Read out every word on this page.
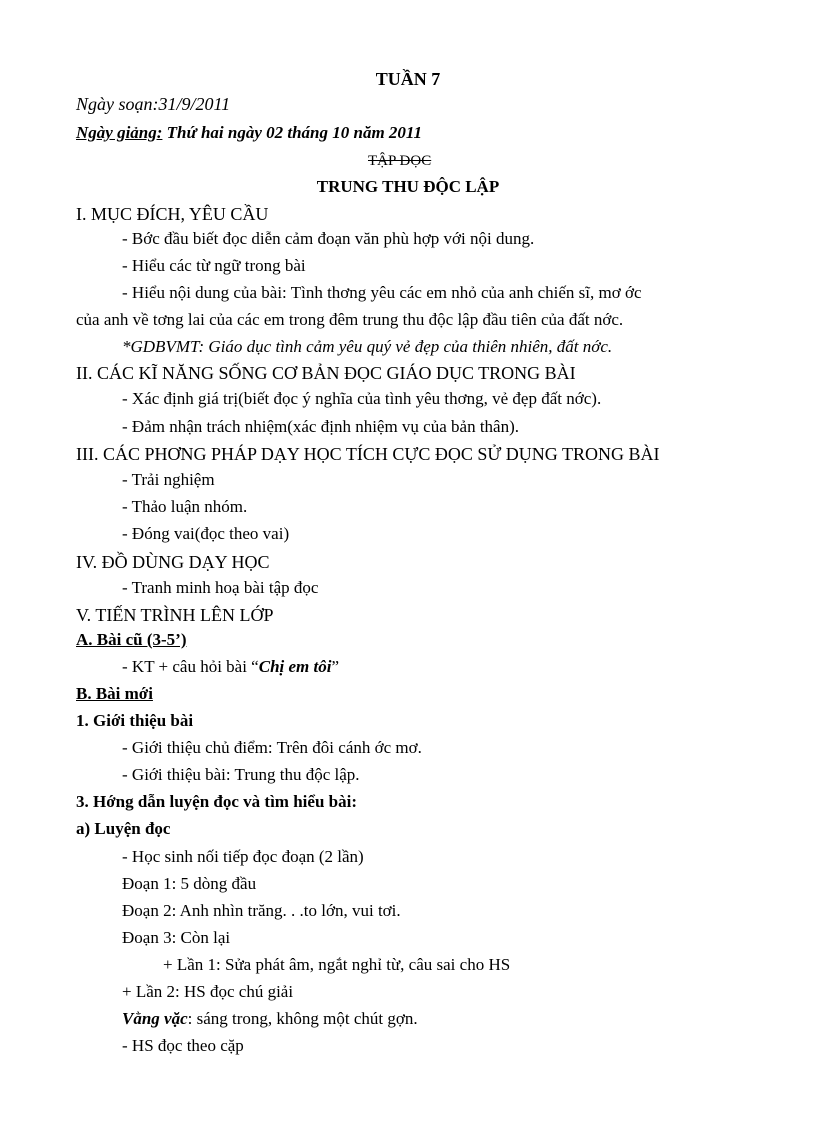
TUẦN 7
Ngày soạn:31/9/2011
Ngày giảng: Thứ hai ngày 02 tháng 10 năm 2011
TẬP ĐỌC
TRUNG THU ĐỘC LẬP
I. MỤC ĐÍCH, YÊU CẦU
- Bớc đầu biết đọc diễn cảm đoạn văn phù hợp với nội dung.
- Hiểu các từ ngữ trong bài
- Hiểu nội dung của bài: Tình thơng yêu các em nhỏ của anh chiến sĩ, mơ ớc
của anh về tơng lai của các em trong đêm trung thu độc lập đầu tiên của đất nớc.
*GDBVMT: Giáo dục tình cảm yêu quý vẻ đẹp của thiên nhiên, đất nớc.
II. CÁC KĨ NĂNG SỐNG CƠ BẢN ĐỌC GIÁO DỤC TRONG BÀI
- Xác định giá trị(biết đọc ý nghĩa của tình yêu thơng, vẻ đẹp đất nớc).
- Đảm nhận trách nhiệm(xác định nhiệm vụ của bản thân).
III. CÁC PHƠNG PHÁP DẠY HỌC TÍCH CỰC ĐỌC SỬ DỤNG TRONG BÀI
- Trải nghiệm
- Thảo luận nhóm.
- Đóng vai(đọc theo vai)
IV. ĐỒ DÙNG DẠY HỌC
- Tranh minh hoạ bài tập đọc
V. TIẾN TRÌNH LÊN LỚP
A. Bài cũ (3-5’)
- KT + câu hỏi bài “Chị em tôi”
B. Bài mới
1. Giới thiệu bài
- Giới thiệu chủ điểm: Trên đôi cánh ớc mơ.
- Giới thiệu bài: Trung thu độc lập.
3. Hớng dẫn luyện đọc và tìm hiểu bài:
a) Luyện đọc
- Học sinh nối tiếp đọc đoạn (2 lần)
Đoạn 1: 5 dòng đầu
Đoạn 2: Anh nhìn trăng. . .to lớn, vui tơi.
Đoạn 3: Còn lại
+ Lần 1: Sửa phát âm, ngắt nghỉ từ, câu sai cho HS
+ Lần 2: HS đọc chú giải
Vằng vặc: sáng trong, không một chút gợn.
- HS đọc theo cặp
